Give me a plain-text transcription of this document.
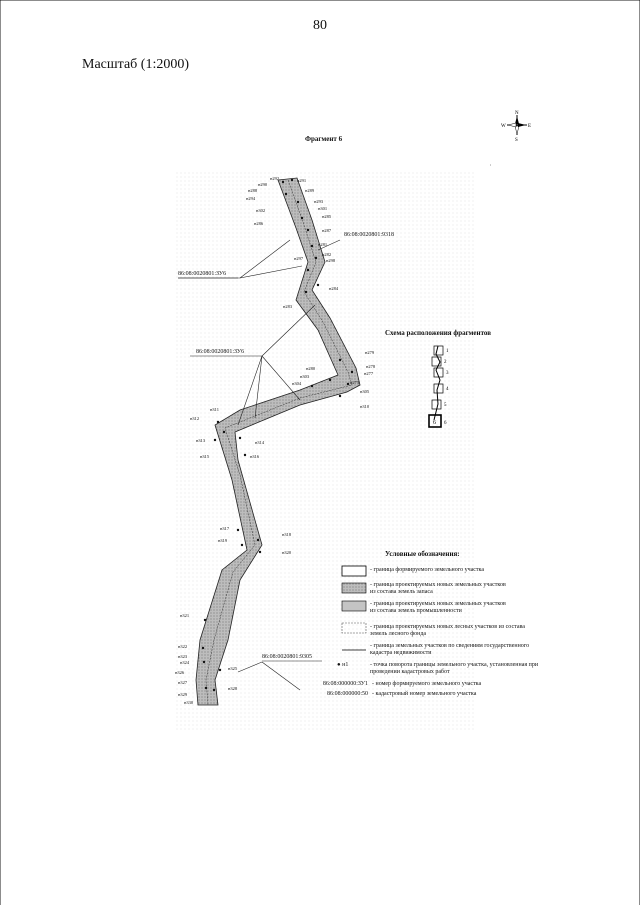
80
Масштаб (1:2000)
N
S
E
W
Фрагмент 6
н292	н291
н290
н289
н288
н293
н294
н301
н302
н285
н286
н287
н281
н282
н297	н298
н283
н284
н280
н279
н278
н277
н273
н303
н304
н305
н310
н311
н312
н313	н314
н315	н316
н317
н318
н319
н320
н321
н322
н323
н324
н325
н326
н327
н328
н329
н330
86:08:0020801:9318
86:08:0020801:ЗУ6
86:08:0020801:ЗУ6
86:08:0020801:9305
,
Схема расположения фрагментов
1
2
3
4
5
6
6
Условные обозначения:
- граница формируемого земельного участка
- граница проектируемых новых земельных участков из состава земель запаса
- граница проектируемых новых земельных участков из состава земель промышленности
- граница проектируемых новых лесных участков из состава земель лесного фонда
- граница земельных участков по сведениям государственного кадастра недвижимости
● н1	- точка поворота границы земельного участка, установленная при проведении кадастровых работ
86:08:000000:ЗУ1 - номер формируемого земельного участка
86:08:000000:50 - кадастровый номер земельного участка
